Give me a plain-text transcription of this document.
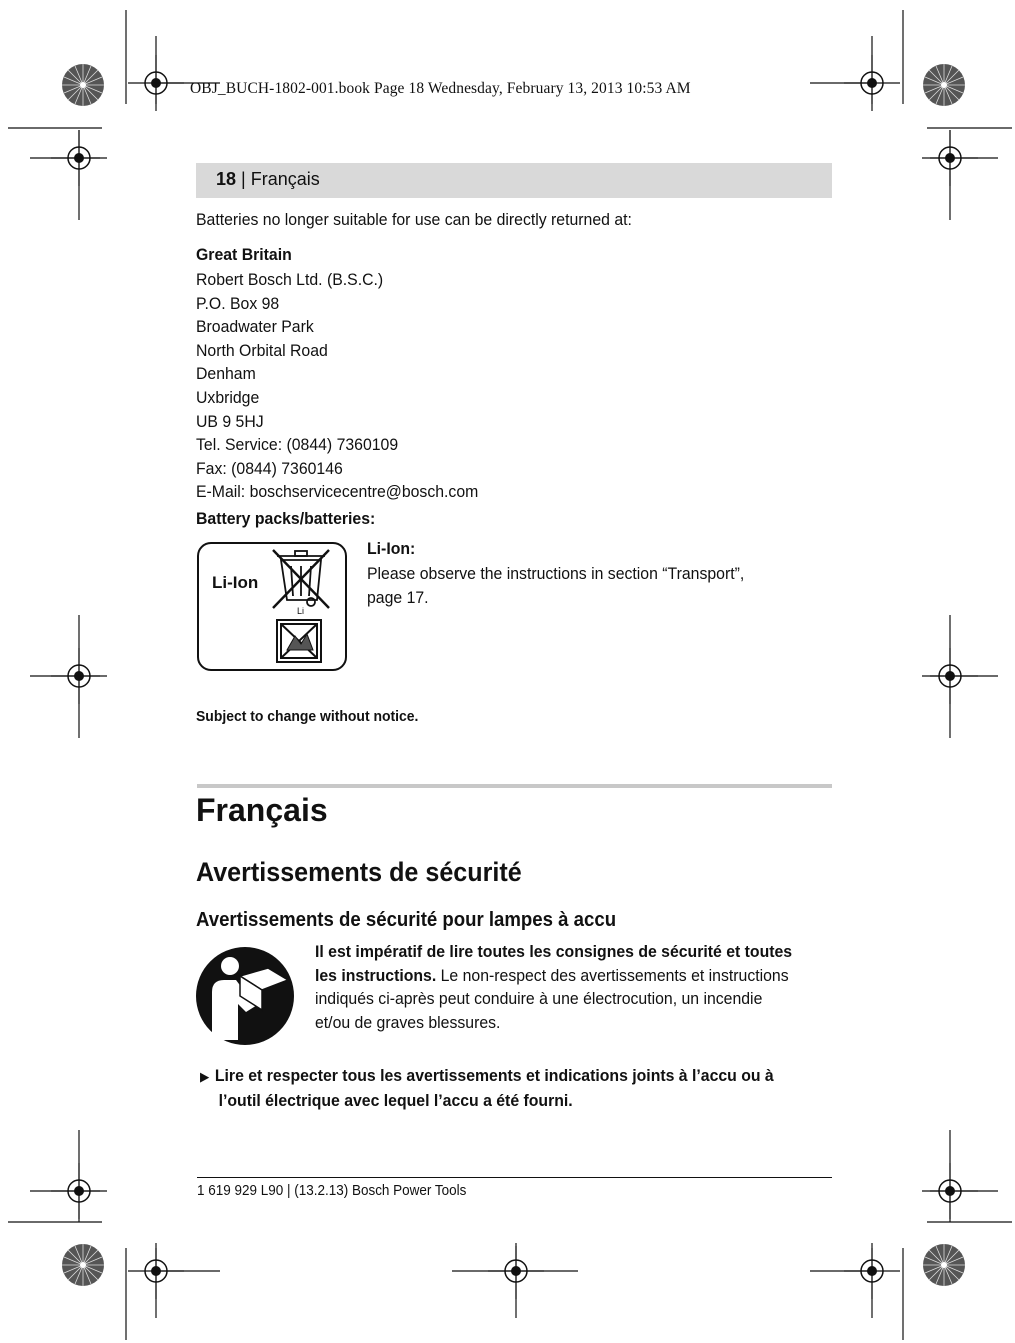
OBJ_BUCH-1802-001.book Page 18 Wednesday, February 13, 2013 10:53 AM
18 | Français
Batteries no longer suitable for use can be directly returned at:
Great Britain
Robert Bosch Ltd. (B.S.C.)
P.O. Box 98
Broadwater Park
North Orbital Road
Denham
Uxbridge
UB 9 5HJ
Tel. Service: (0844) 7360109
Fax: (0844) 7360146
E-Mail: boschservicecentre@bosch.com
Battery packs/batteries:
Li-Ion
Li
Li-Ion:
Please observe the instructions in section “Transport”,
page 17.
Subject to change without notice.
Français
Avertissements de sécurité
Avertissements de sécurité pour lampes à accu
Il est impératif de lire toutes les consignes de sécurité et toutes
les instructions. Le non-respect des avertissements et instructions
indiqués ci-après peut conduire à une électrocution, un incendie
et/ou de graves blessures.
▶ Lire et respecter tous les avertissements et indications joints à l’accu ou à
l’outil électrique avec lequel l’accu a été fourni.
1 619 929 L90 | (13.2.13) Bosch Power Tools
